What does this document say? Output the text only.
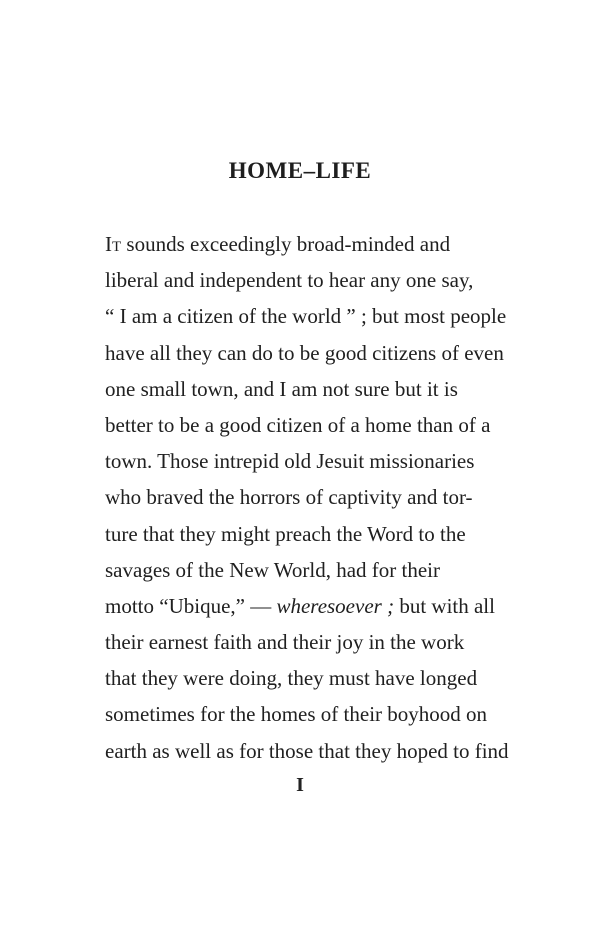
HOME–LIFE
It sounds exceedingly broad-minded and
liberal and independent to hear any one say,
“ I am a citizen of the world ” ; but most people
have all they can do to be good citizens of even
one small town, and I am not sure but it is
better to be a good citizen of a home than of a
town. Those intrepid old Jesuit missionaries
who braved the horrors of captivity and tor-
ture that they might preach the Word to the
savages of the New World, had for their
motto “Ubique,” — wheresoever ; but with all
their earnest faith and their joy in the work
that they were doing, they must have longed
sometimes for the homes of their boyhood on
earth as well as for those that they hoped to find
I
